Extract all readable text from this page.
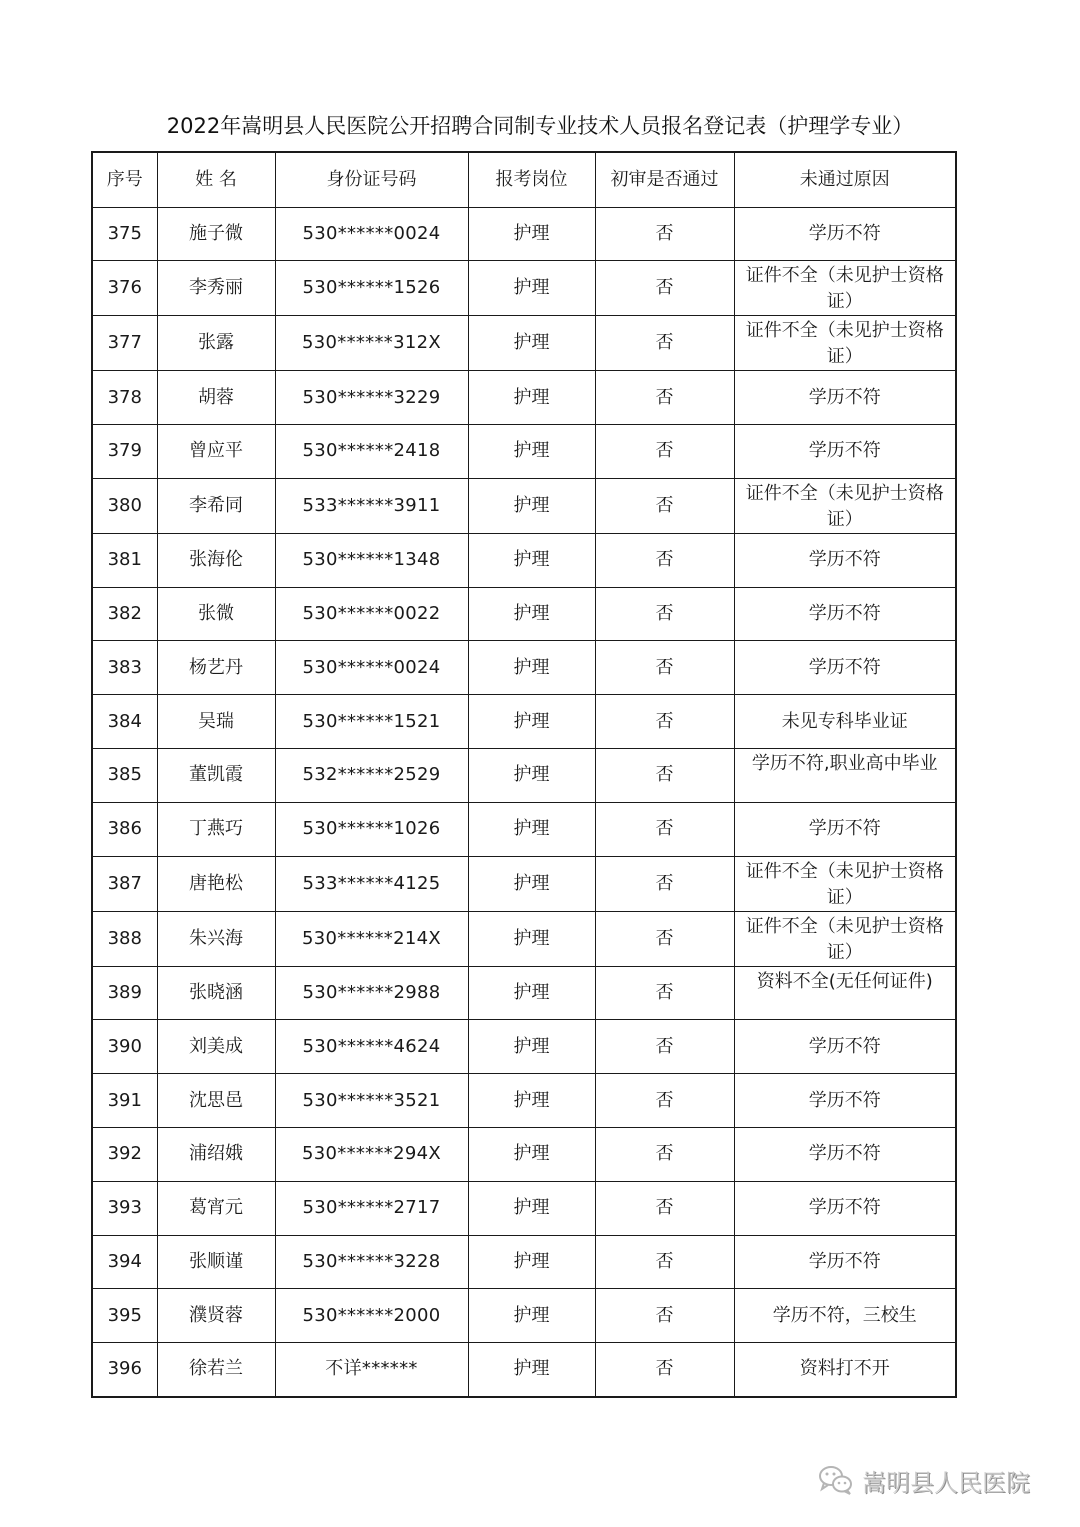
2022年嵩明县人民医院公开招聘合同制专业技术人员报名登记表（护理学专业）
序号	姓 名	身份证号码	报考岗位	初审是否通过	未通过原因
375	施子微	530******0024	护理	否	学历不符
376	李秀丽	530******1526	护理	否	证件不全（未见护士资格证）
377	张露	530******312X	护理	否	证件不全（未见护士资格证）
378	胡蓉	530******3229	护理	否	学历不符
379	曾应平	530******2418	护理	否	学历不符
380	李希同	533******3911	护理	否	证件不全（未见护士资格证）
381	张海伦	530******1348	护理	否	学历不符
382	张微	530******0022	护理	否	学历不符
383	杨艺丹	530******0024	护理	否	学历不符
384	吴瑞	530******1521	护理	否	未见专科毕业证
385	董凯霞	532******2529	护理	否	学历不符,职业高中毕业
386	丁燕巧	530******1026	护理	否	学历不符
387	唐艳松	533******4125	护理	否	证件不全（未见护士资格证）
388	朱兴海	530******214X	护理	否	证件不全（未见护士资格证）
389	张晓涵	530******2988	护理	否	资料不全(无任何证件)
390	刘美成	530******4624	护理	否	学历不符
391	沈思邑	530******3521	护理	否	学历不符
392	浦绍娥	530******294X	护理	否	学历不符
393	葛宵元	530******2717	护理	否	学历不符
394	张顺谨	530******3228	护理	否	学历不符
395	濮贤蓉	530******2000	护理	否	学历不符，三校生
396	徐若兰	不详******	护理	否	资料打不开
嵩明县人民医院
